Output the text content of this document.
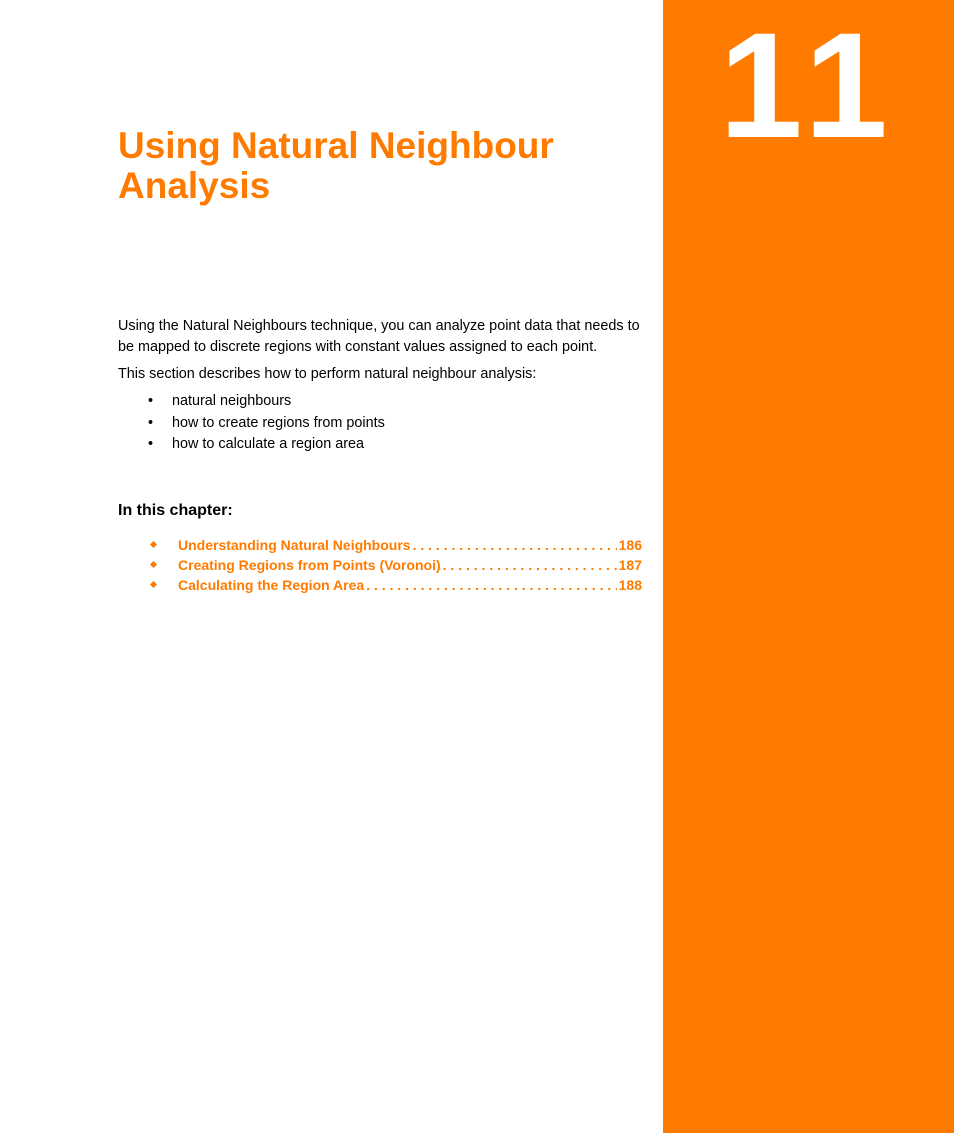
11
Using Natural Neighbour
Analysis

Using the Natural Neighbours technique, you can analyze point data that needs to be mapped to discrete regions with constant values assigned to each point.

This section describes how to perform natural neighbour analysis:

• natural neighbours
• how to create regions from points
• how to calculate a region area
In this chapter:
Understanding Natural Neighbours . . .	186
Creating Regions from Points (Voronoi) . . .	187
Calculating the Region Area . . .	188
